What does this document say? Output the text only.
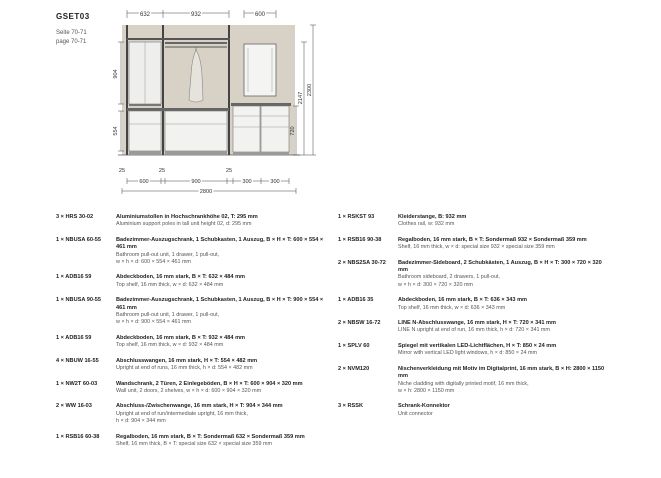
GSET03
Seite 70-71
page 70-71
632	932	600
904
554	720
2147
2300
25	25	25
600	900	300	300
2800
3 × HRS 30-02	Aluminiumstollen in Hochschrankhöhe 02, T: 295 mm
Aluminium support poles in tall unit height 02, d: 295 mm
1 × NBUSA 60-55	Badezimmer-Auszugschrank, 1 Schubkasten, 1 Auszug, B × H × T: 600 × 554 × 461 mm
Bathroom pull-out unit, 1 drawer, 1 pull-out,
w × h × d: 600 × 554 × 461 mm
1 × ADB16 59	Abdeckboden, 16 mm stark, B × T: 632 × 484 mm
Top shelf, 16 mm thick, w × d: 632 × 484 mm
1 × NBUSA 90-55	Badezimmer-Auszugschrank, 1 Schubkasten, 1 Auszug, B × H × T: 900 × 554 × 461 mm
Bathroom pull-out unit, 1 drawer, 1 pull-out,
w × h × d: 900 × 554 × 461 mm
1 × ADB16 59	Abdeckboden, 16 mm stark, B × T: 932 × 484 mm
Top shelf, 16 mm thick, w × d: 932 × 484 mm
4 × NBUW 16-55	Abschlusswangen, 16 mm stark, H × T: 554 × 482 mm
Upright at end of runs, 16 mm thick, h × d: 554 × 482 mm
1 × NW2T 60-03	Wandschrank, 2 Türen, 2 Einlegeböden, B × H × T: 600 × 904 × 320 mm
Wall unit, 2 doors, 2 shelves, w × h × d: 600 × 904 × 320 mm
2 × WW 16-03	Abschluss-/Zwischenwange, 16 mm stark, H × T: 904 × 344 mm
Upright at end of run/intermediate upright, 16 mm thick,
h × d: 904 × 344 mm
1 × RSB16 60-38	Regalboden, 16 mm stark, B × T: Sondermaß 632 × Sondermaß 359 mm
Shelf, 16 mm thick, B × T: special size 632 × special size 359 mm
1 × RSKST 93	Kleiderstange, B: 932 mm
Clothes rail, w: 932 mm
1 × RSB16 90-38	Regalboden, 16 mm stark, B × T: Sondermaß 932 × Sondermaß 359 mm
Shelf, 16 mm thick, w × d: special size 932 × special size 359 mm
2 × NBS2SA 30-72	Badezimmer-Sideboard, 2 Schubkästen, 1 Auszug, B × H × T: 300 × 720 × 320 mm
Bathroom sideboard, 2 drawers, 1 pull-out,
w × h × d: 300 × 720 × 320 mm
1 × ADB16 35	Abdeckboden, 16 mm stark, B × T: 636 × 343 mm
Top shelf, 16 mm thick, w × d: 636 × 343 mm
2 × NBSW 16-72	LINE N-Abschlusswange, 16 mm stark, H × T: 720 × 341 mm
LINE N upright at end of run, 16 mm thick, h × d: 720 × 341 mm
1 × SPLV 60	Spiegel mit vertikalen LED-Lichtflächen, H × T: 850 × 24 mm
Mirror with vertical LED light windows, h × d: 850 × 24 mm
2 × NVM120	Nischenverkleidung mit Motiv im Digitalprint, 16 mm stark, B × H: 2800 × 1150 mm
Niche cladding with digitally printed motif, 16 mm thick,
w × h: 2800 × 1150 mm
3 × RSSK	Schrank-Konnektor
Unit connector
